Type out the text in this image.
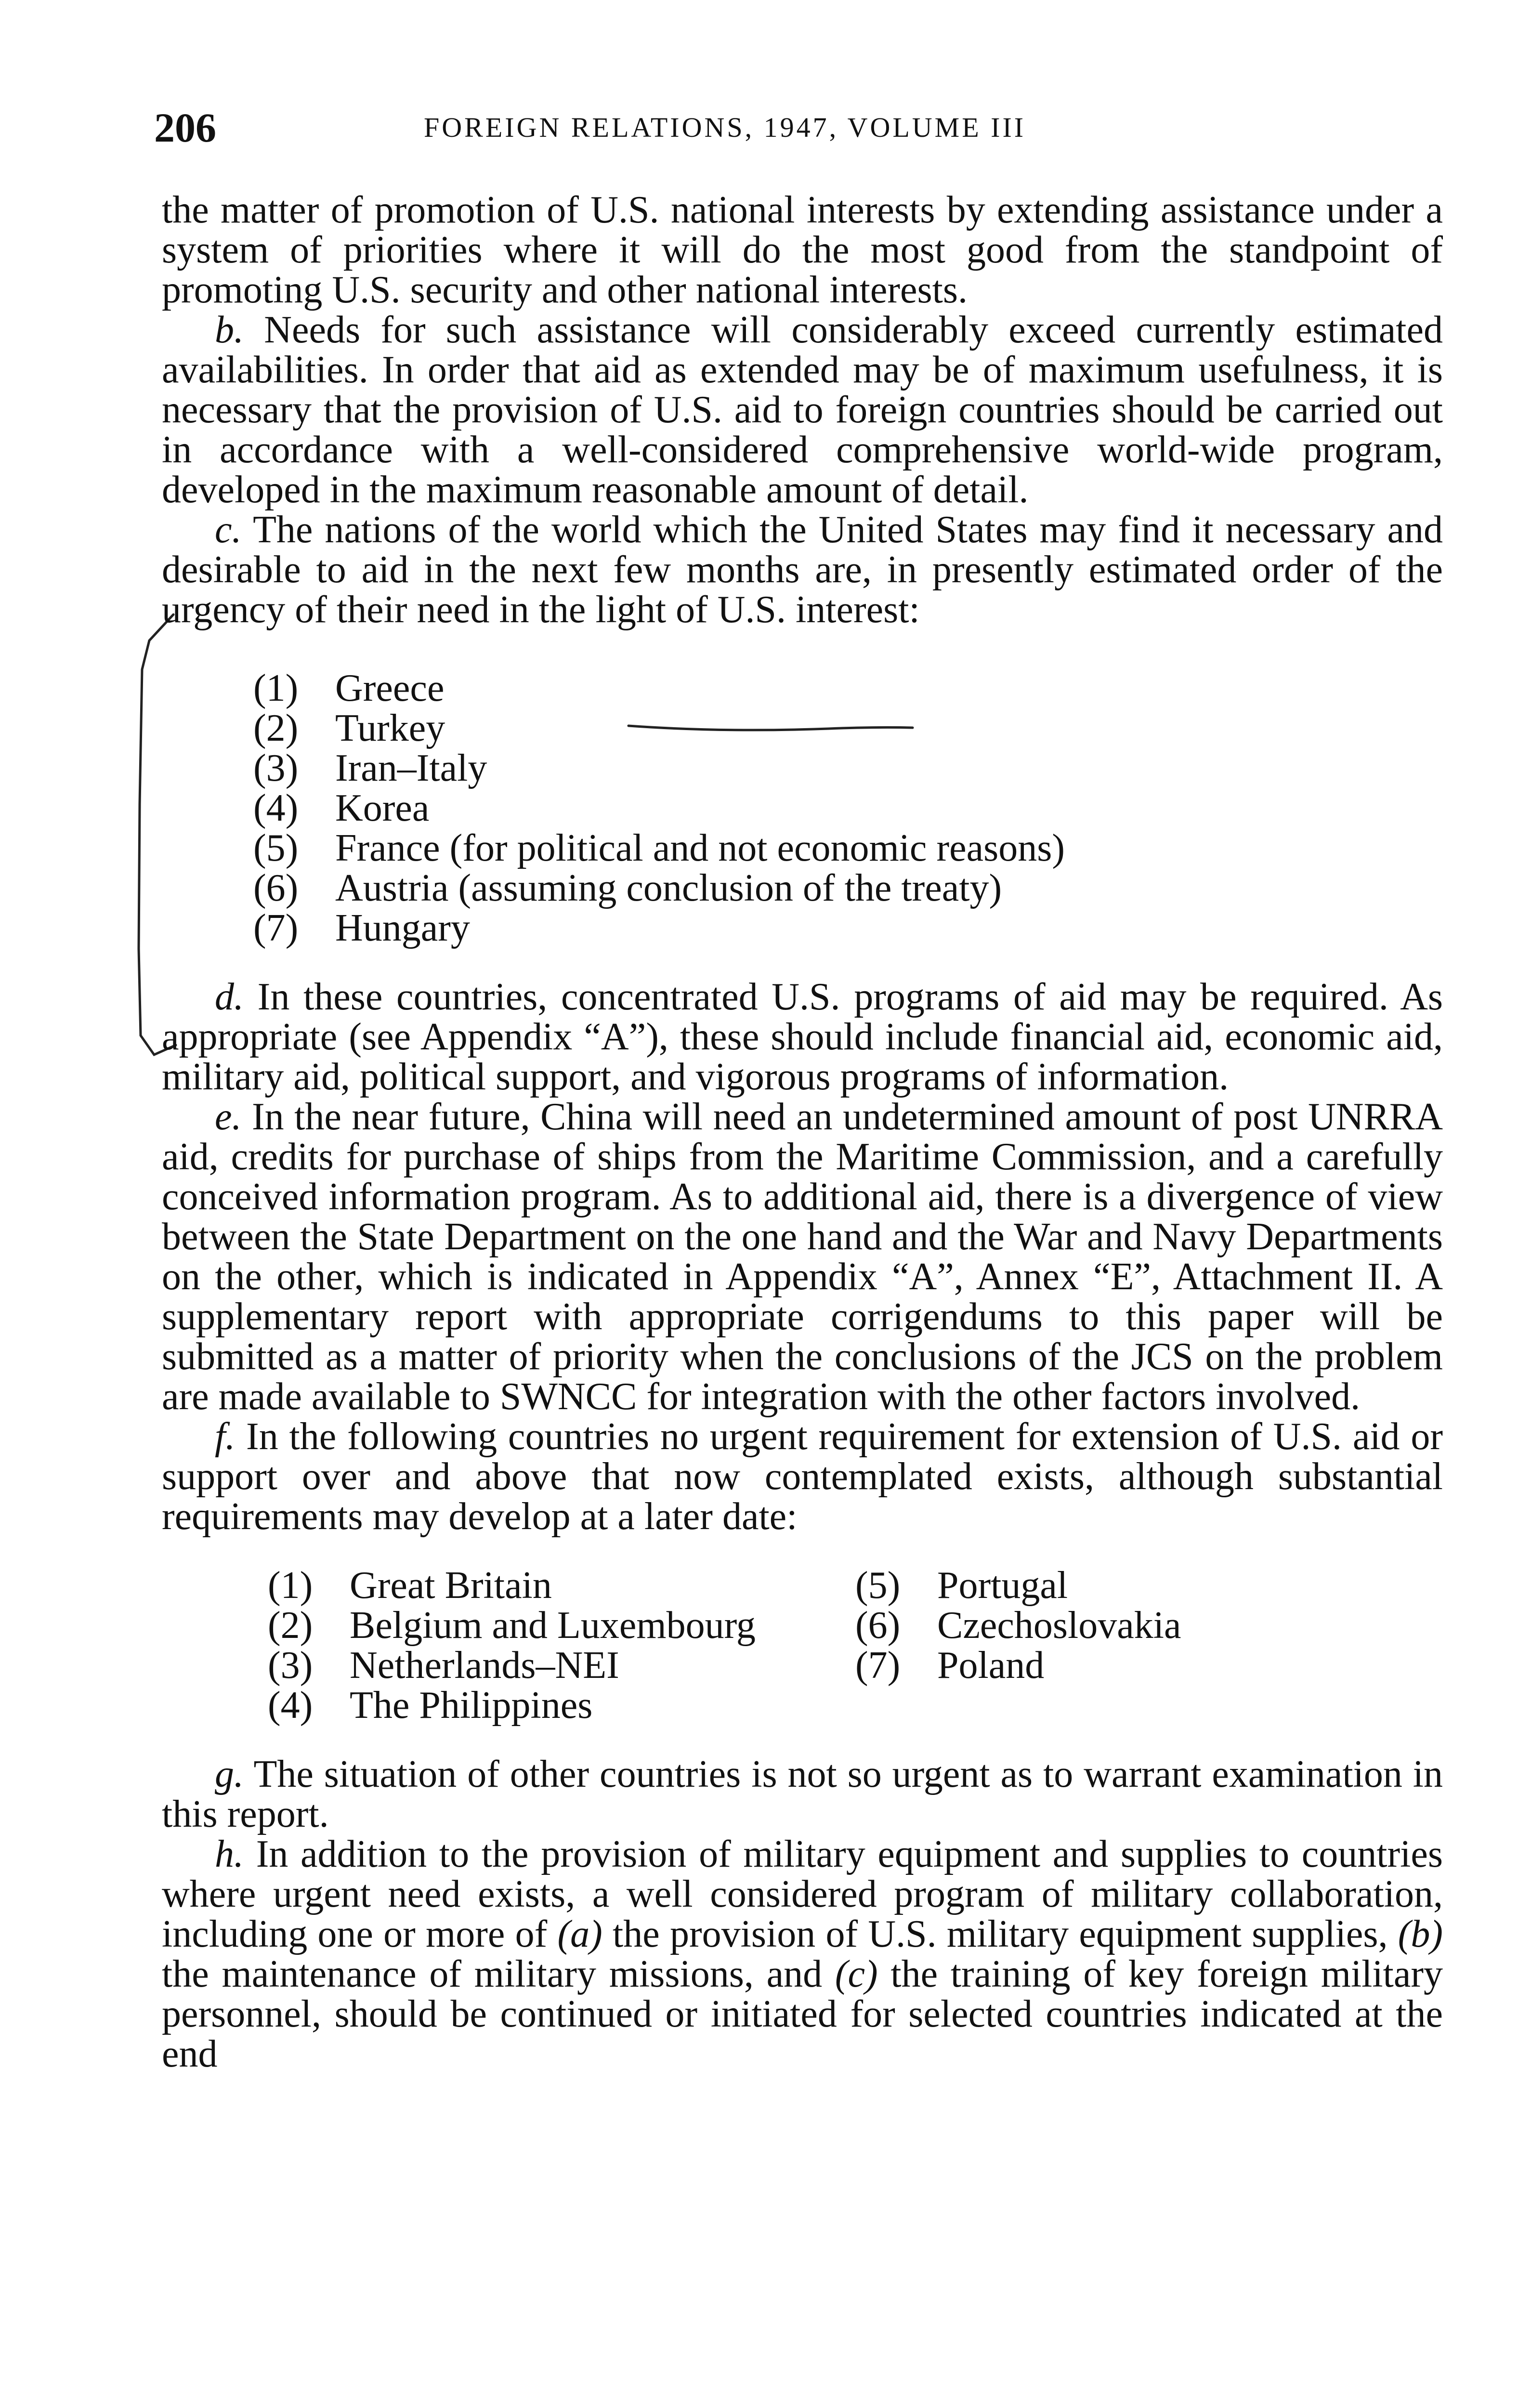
206	FOREIGN RELATIONS, 1947, VOLUME III

the matter of promotion of U.S. national interests by extending assistance under a system of priorities where it will do the most good from the standpoint of promoting U.S. security and other national interests.

b. Needs for such assistance will considerably exceed currently estimated availabilities. In order that aid as extended may be of maximum usefulness, it is necessary that the provision of U.S. aid to foreign countries should be carried out in accordance with a well-considered comprehensive world-wide program, developed in the maximum reasonable amount of detail.

c. The nations of the world which the United States may find it necessary and desirable to aid in the next few months are, in presently estimated order of the urgency of their need in the light of U.S. interest:

(1) Greece
(2) Turkey
(3) Iran–Italy
(4) Korea
(5) France (for political and not economic reasons)
(6) Austria (assuming conclusion of the treaty)
(7) Hungary

d. In these countries, concentrated U.S. programs of aid may be required. As appropriate (see Appendix “A”), these should include financial aid, economic aid, military aid, political support, and vigorous programs of information.

e. In the near future, China will need an undetermined amount of post UNRRA aid, credits for purchase of ships from the Maritime Commission, and a carefully conceived information program. As to additional aid, there is a divergence of view between the State Department on the one hand and the War and Navy Departments on the other, which is indicated in Appendix “A”, Annex “E”, Attachment II. A supplementary report with appropriate corrigendums to this paper will be submitted as a matter of priority when the conclusions of the JCS on the problem are made available to SWNCC for integration with the other factors involved.

f. In the following countries no urgent requirement for extension of U.S. aid or support over and above that now contemplated exists, although substantial requirements may develop at a later date:

(1) Great Britain
(2) Belgium and Luxembourg
(3) Netherlands–NEI
(4) The Philippines
(5) Portugal
(6) Czechoslovakia
(7) Poland

g. The situation of other countries is not so urgent as to warrant examination in this report.

h. In addition to the provision of military equipment and supplies to countries where urgent need exists, a well considered program of military collaboration, including one or more of (a) the provision of U.S. military equipment supplies, (b) the maintenance of military missions, and (c) the training of key foreign military personnel, should be continued or initiated for selected countries indicated at the end
